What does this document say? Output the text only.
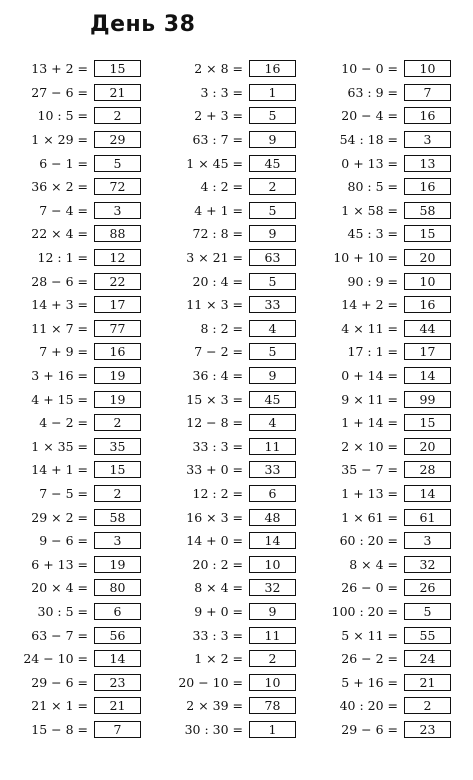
День 38
13 + 2 =	15
27 − 6 =	21
10 : 5 =	2
1 × 29 =	29
6 − 1 =	5
36 × 2 =	72
7 − 4 =	3
22 × 4 =	88
12 : 1 =	12
28 − 6 =	22
14 + 3 =	17
11 × 7 =	77
7 + 9 =	16
3 + 16 =	19
4 + 15 =	19
4 − 2 =	2
1 × 35 =	35
14 + 1 =	15
7 − 5 =	2
29 × 2 =	58
9 − 6 =	3
6 + 13 =	19
20 × 4 =	80
30 : 5 =	6
63 − 7 =	56
24 − 10 =	14
29 − 6 =	23
21 × 1 =	21
15 − 8 =	7
2 × 8 =	16
3 : 3 =	1
2 + 3 =	5
63 : 7 =	9
1 × 45 =	45
4 : 2 =	2
4 + 1 =	5
72 : 8 =	9
3 × 21 =	63
20 : 4 =	5
11 × 3 =	33
8 : 2 =	4
7 − 2 =	5
36 : 4 =	9
15 × 3 =	45
12 − 8 =	4
33 : 3 =	11
33 + 0 =	33
12 : 2 =	6
16 × 3 =	48
14 + 0 =	14
20 : 2 =	10
8 × 4 =	32
9 + 0 =	9
33 : 3 =	11
1 × 2 =	2
20 − 10 =	10
2 × 39 =	78
30 : 30 =	1
10 − 0 =	10
63 : 9 =	7
20 − 4 =	16
54 : 18 =	3
0 + 13 =	13
80 : 5 =	16
1 × 58 =	58
45 : 3 =	15
10 + 10 =	20
90 : 9 =	10
14 + 2 =	16
4 × 11 =	44
17 : 1 =	17
0 + 14 =	14
9 × 11 =	99
1 + 14 =	15
2 × 10 =	20
35 − 7 =	28
1 + 13 =	14
1 × 61 =	61
60 : 20 =	3
8 × 4 =	32
26 − 0 =	26
100 : 20 =	5
5 × 11 =	55
26 − 2 =	24
5 + 16 =	21
40 : 20 =	2
29 − 6 =	23
